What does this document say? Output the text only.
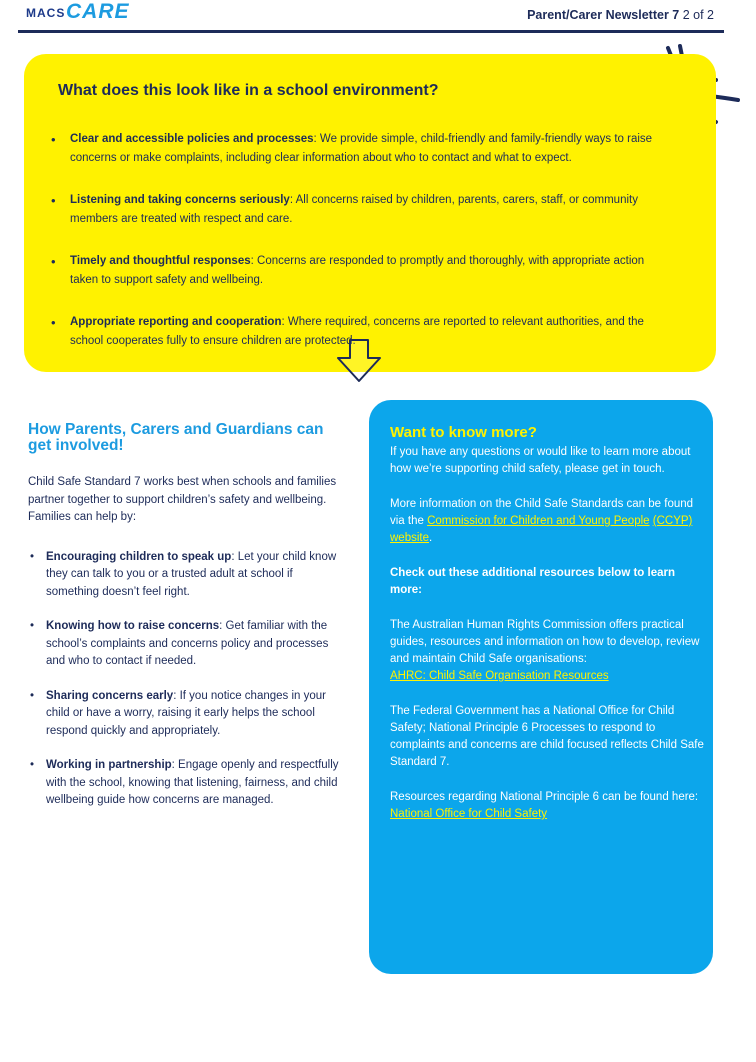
MACS CARE	Parent/Carer Newsletter 7 2 of 2
What does this look like in a school environment?
• Clear and accessible policies and processes: We provide simple, child-friendly and family-friendly ways to raise concerns or make complaints, including clear information about who to contact and what to expect.
• Listening and taking concerns seriously: All concerns raised by children, parents, carers, staff, or community members are treated with respect and care.
• Timely and thoughtful responses: Concerns are responded to promptly and thoroughly, with appropriate action taken to support safety and wellbeing.
• Appropriate reporting and cooperation: Where required, concerns are reported to relevant authorities, and the school cooperates fully to ensure children are protected.
How Parents, Carers and Guardians can get involved!

Child Safe Standard 7 works best when schools and families partner together to support children’s safety and wellbeing. Families can help by:

• Encouraging children to speak up: Let your child know they can talk to you or a trusted adult at school if something doesn’t feel right.
• Knowing how to raise concerns: Get familiar with the school’s complaints and concerns policy and processes and who to contact if needed.
• Sharing concerns early: If you notice changes in your child or have a worry, raising it early helps the school respond quickly and appropriately.
• Working in partnership: Engage openly and respectfully with the school, knowing that listening, fairness, and child wellbeing guide how concerns are managed.
Want to know more?

If you have any questions or would like to learn more about how we’re supporting child safety, please get in touch.

More information on the Child Safe Standards can be found via the Commission for Children and Young People (CCYP) website.

Check out these additional resources below to learn more:

The Australian Human Rights Commission offers practical guides, resources and information on how to develop, review and maintain Child Safe organisations:
AHRC: Child Safe Organisation Resources

The Federal Government has a National Office for Child Safety; National Principle 6 Processes to respond to complaints and concerns are child focused reflects Child Safe Standard 7.

Resources regarding National Principle 6 can be found here: National Office for Child Safety
